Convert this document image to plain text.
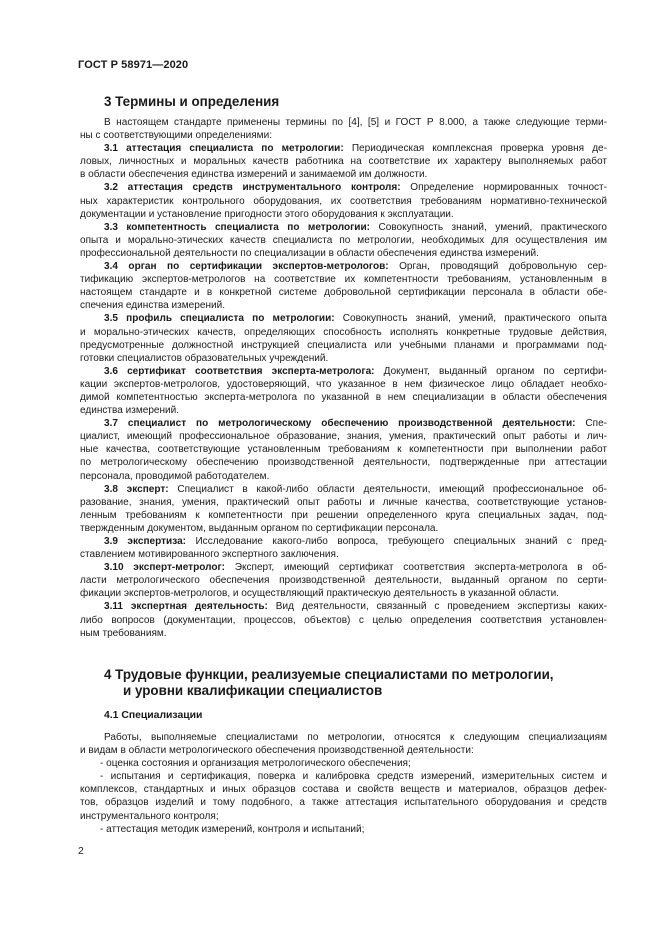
ГОСТ Р 58971—2020
3 Термины и определения
В настоящем стандарте применены термины по [4], [5] и ГОСТ Р 8.000, а также следующие терми-
ны с соответствующими определениями:
3.1 аттестация специалиста по метрологии: Периодическая комплексная проверка уровня де-
ловых, личностных и моральных качеств работника на соответствие их характеру выполняемых работ
в области обеспечения единства измерений и занимаемой им должности.
3.2 аттестация средств инструментального контроля: Определение нормированных точност-
ных характеристик контрольного оборудования, их соответствия требованиям нормативно-технической
документации и установление пригодности этого оборудования к эксплуатации.
3.3 компетентность специалиста по метрологии: Совокупность знаний, умений, практического
опыта и морально-этических качеств специалиста по метрологии, необходимых для осуществления им
профессиональной деятельности по специализации в области обеспечения единства измерений.
3.4 орган по сертификации экспертов-метрологов: Орган, проводящий добровольную сер-
тификацию экспертов-метрологов на соответствие их компетентности требованиям, установленным в
настоящем стандарте и в конкретной системе добровольной сертификации персонала в области обе-
спечения единства измерений.
3.5 профиль специалиста по метрологии: Совокупность знаний, умений, практического опыта
и морально-этических качеств, определяющих способность исполнять конкретные трудовые действия,
предусмотренные должностной инструкцией специалиста или учебными планами и программами под-
готовки специалистов образовательных учреждений.
3.6 сертификат соответствия эксперта-метролога: Документ, выданный органом по сертифи-
кации экспертов-метрологов, удостоверяющий, что указанное в нем физическое лицо обладает необхо-
димой компетентностью эксперта-метролога по указанной в нем специализации в области обеспечения
единства измерений.
3.7 специалист по метрологическому обеспечению производственной деятельности: Спе-
циалист, имеющий профессиональное образование, знания, умения, практический опыт работы и лич-
ные качества, соответствующие установленным требованиям к компетентности при выполнении работ
по метрологическому обеспечению производственной деятельности, подтвержденные при аттестации
персонала, проводимой работодателем.
3.8 эксперт: Специалист в какой-либо области деятельности, имеющий профессиональное об-
разование, знания, умения, практический опыт работы и личные качества, соответствующие установ-
ленным требованиям к компетентности при решении определенного круга специальных задач, под-
твержденным документом, выданным органом по сертификации персонала.
3.9 экспертиза: Исследование какого-либо вопроса, требующего специальных знаний с пред-
ставлением мотивированного экспертного заключения.
3.10 эксперт-метролог: Эксперт, имеющий сертификат соответствия эксперта-метролога в об-
ласти метрологического обеспечения производственной деятельности, выданный органом по серти-
фикации экспертов-метрологов, и осуществляющий практическую деятельность в указанной области.
3.11 экспертная деятельность: Вид деятельности, связанный с проведением экспертизы каких-
либо вопросов (документации, процессов, объектов) с целью определения соответствия установлен-
ным требованиям.
4 Трудовые функции, реализуемые специалистами по метрологии,
и уровни квалификации специалистов
4.1 Специализации
Работы, выполняемые специалистами по метрологии, относятся к следующим специализациям
и видам в области метрологического обеспечения производственной деятельности:
- оценка состояния и организация метрологического обеспечения;
- испытания и сертификация, поверка и калибровка средств измерений, измерительных систем и
комплексов, стандартных и иных образцов состава и свойств веществ и материалов, образцов дефек-
тов, образцов изделий и тому подобного, а также аттестация испытательного оборудования и средств
инструментального контроля;
- аттестация методик измерений, контроля и испытаний;
2
